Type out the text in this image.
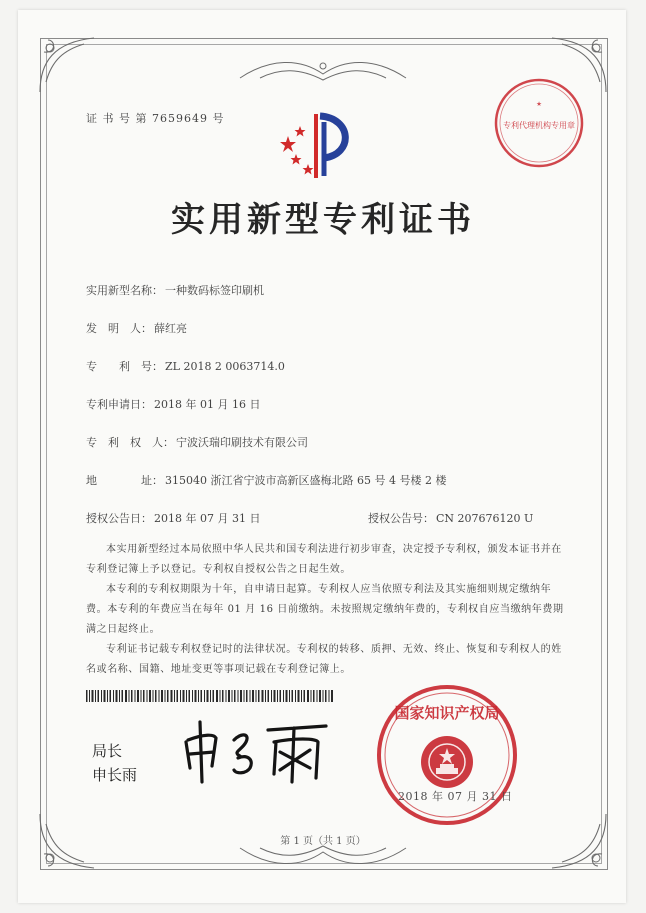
证 书 号 第 7659649 号
实用新型专利证书
实用新型名称： 一种数码标签印刷机
发　明　人： 薛红亮
专　　利　号： ZL 2018 2 0063714.0
专利申请日： 2018 年 01 月 16 日
专　利　权　人： 宁波沃瑞印刷技术有限公司
地　　　　址： 315040 浙江省宁波市高新区盛梅北路 65 号 4 号楼 2 楼
授权公告日： 2018 年 07 月 31 日	授权公告号： CN 207676120 U

本实用新型经过本局依照中华人民共和国专利法进行初步审查，决定授予专利权，颁发本证书并在专利登记簿上予以登记。专利权自授权公告之日起生效。

本专利的专利权期限为十年，自申请日起算。专利权人应当依照专利法及其实施细则规定缴纳年费。本专利的年费应当在每年 01 月 16 日前缴纳。未按照规定缴纳年费的，专利权自应当缴纳年费期满之日起终止。

专利证书记载专利权登记时的法律状况。专利权的转移、质押、无效、终止、恢复和专利权人的姓名或名称、国籍、地址变更等事项记载在专利登记簿上。

局长
申长雨
专利代理机构专用章
★
国家知识产权局
2018 年 07 月 31 日
第 1 页（共 1 页）
